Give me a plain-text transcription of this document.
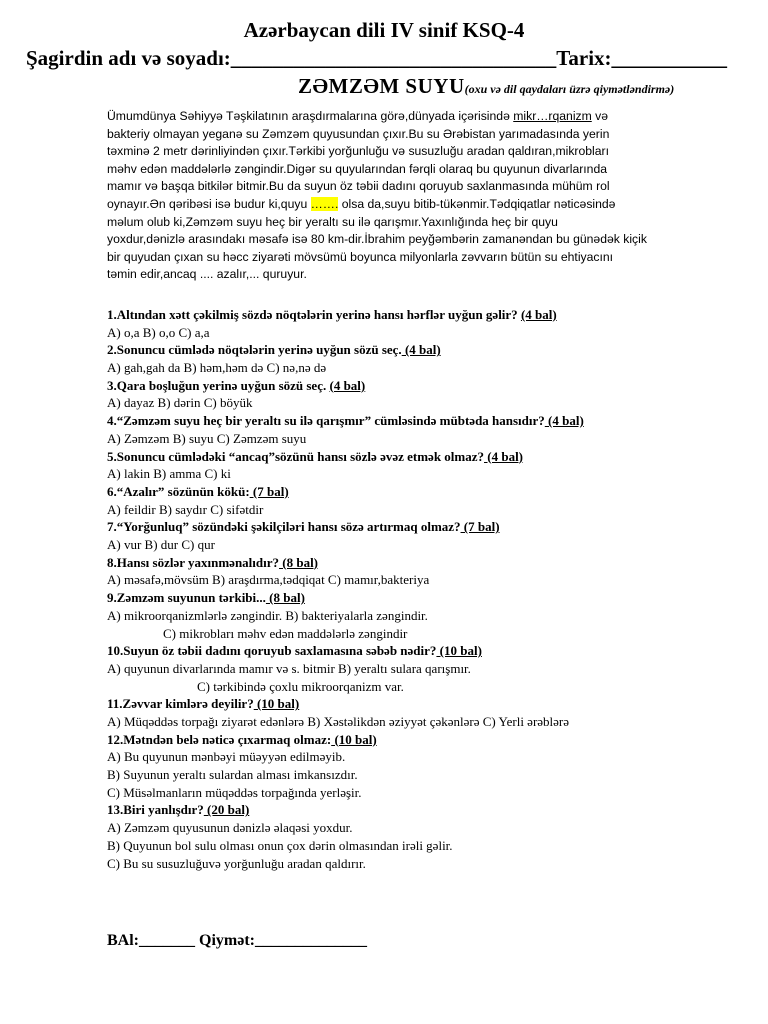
Azərbaycan dili IV sinif KSQ-4
Şagirdin adı və soyadı:_______________________________Tarix:___________
ZƏMZƏM SUYU(oxu və dil qaydaları üzrə qiymətləndirmə)
Ümumdünya Səhiyyə Təşkilatının araşdırmalarına görə,dünyada içərisində mikr…rqanizm və
bakteriy olmayan yeganə su Zəmzəm quyusundan çıxır.Bu su Ərəbistan yarımadasında yerin
təxminə 2 metr dərinliyindən çıxır.Tərkibi yorğunluğu və susuzluğu aradan qaldıran,mikrobları
məhv edən maddələrlə zəngindir.Digər su quyularından fərqli olaraq bu quyunun divarlarında
mamır və başqa bitkilər bitmir.Bu da suyun öz təbii dadını qoruyub saxlanmasında mühüm rol
oynayır.Ən qəribəsi isə budur ki,quyu ……. olsa da,suyu bitib-tükənmir.Tədqiqatlar nəticəsində
məlum olub ki,Zəmzəm suyu heç bir yeraltı su ilə qarışmır.Yaxınlığında heç bir quyu
yoxdur,dənizlə arasındakı məsafə isə 80 km-dir.İbrahim peyğəmbərin zamanəndan bu günədək kiçik
bir quyudan çıxan su həcc ziyarəti mövsümü boyunca milyonlarla zəvvarın bütün su ehtiyacını
təmin edir,ancaq .... azalır,... quruyur.
1.Altından xətt çəkilmiş sözdə nöqtələrin yerinə hansı hərflər uyğun gəlir? (4 bal)
A) o,a B) o,o C) a,a
2.Sonuncu cümlədə nöqtələrin yerinə uyğun sözü seç. (4 bal)
A) gah,gah da B) həm,həm də C) nə,nə də
3.Qara boşluğun yerinə uyğun sözü seç. (4 bal)
A) dayaz B) dərin C) böyük
4.“Zəmzəm suyu heç bir yeraltı su ilə qarışmır” cümləsində mübtəda hansıdır? (4 bal)
A) Zəmzəm B) suyu C) Zəmzəm suyu
5.Sonuncu cümlədəki “ancaq”sözünü hansı sözlə əvəz etmək olmaz? (4 bal)
A) lakin B) amma C) ki
6.“Azalır” sözünün kökü: (7 bal)
A) feildir B) saydır C) sifətdir
7.“Yorğunluq” sözündəki şəkilçiləri hansı sözə artırmaq olmaz? (7 bal)
A) vur B) dur C) qur
8.Hansı sözlər yaxınmənalıdır? (8 bal)
A) məsafə,mövsüm B) araşdırma,tədqiqat C) mamır,bakteriya
9.Zəmzəm suyunun tərkibi... (8 bal)
A) mikroorqanizmlərlə zəngindir. B) bakteriyalarla zəngindir.
C) mikrobları məhv edən maddələrlə zəngindir
10.Suyun öz təbii dadını qoruyub saxlamasına səbəb nədir? (10 bal)
A) quyunun divarlarında mamır və s. bitmir B) yeraltı sulara qarışmır.
C) tərkibində çoxlu mikroorqanizm var.
11.Zəvvar kimlərə deyilir? (10 bal)
A) Müqəddəs torpağı ziyarət edənlərə B) Xəstəlikdən əziyyət çəkənlərə C) Yerli ərəblərə
12.Mətndən belə nəticə çıxarmaq olmaz: (10 bal)
A) Bu quyunun mənbəyi müəyyən edilməyib.
B) Suyunun yeraltı sulardan alması imkansızdır.
C) Müsəlmanların müqəddəs torpağında yerləşir.
13.Biri yanlışdır? (20 bal)
A) Zəmzəm quyusunun dənizlə əlaqəsi yoxdur.
B) Quyunun bol sulu olması onun çox dərin olmasından irəli gəlir.
C) Bu su susuzluğuvə yorğunluğu aradan qaldırır.
BAl:_______ Qiymət:______________
